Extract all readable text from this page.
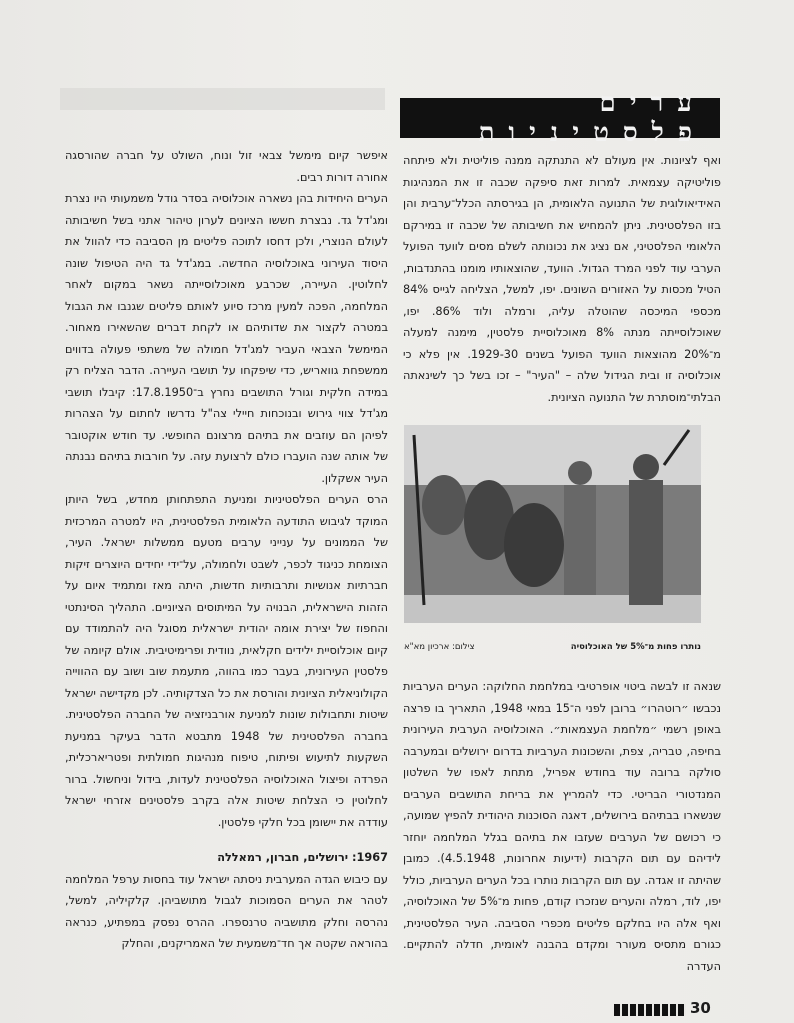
ערים פלסטיניות

ואף לציונות. אין מעולם לא התנתקה ממנה פוליטית ולא פיתחה פוליטיקה עצמאית. למרות זאת סיפקה שכבה זו את המנהיגות האידיאולוגית של התנועה הלאומית, הן בגירסתה הכלל־ערבית והן בזו הפלסטינית. ניתן להמחיש את חשיבותה של שכבה זו במירקם הלאומי הפלסטיני, אם נציג את נכונותה לשלם מסים לוועד הפועל הערבי עוד לפני המרד הגדול. הוועד, שהוצאותיו מומנו בהתנדבות, הטיל מכסות על האזורים השונים. יפו, למשל, הצליחה לגייס 84% מכספי המיכסה שהוטלה עליה, ורמלה ולוד 86%. יפו, שאוכלוסייתה מנתה 8% מאוכלוסיית פלסטין, מימנה למעלה מ־20% מהוצאות הוועד הפועל בשנים 1929-30. אין פלא כי אוכלוסיה זו ובית הגידול שלה – "העיר" – זכו בשל כך לשינאתה הבלתי־מוסתרת של התנועה הציונית.

נותרו פחות מ־5% של האוכלוסיה
צילום: ארכיון מא"א

שנאה זו לבשה ביטוי אופרטיבי במלחמת החלוקה: הערים הערביות נכבשו ״רוטהרו״ ברובן לפני ה־15 במאי 1948, התאריך בו פרצה באופן רשמי ״מלחמת העצמאות״. האוכלוסיה הערבית העירונית בחיפה, טבריה, צפת, והשכונות הערביות בדרום ירושלים ובמערבה סולקה ברובה עוד בחודש אפריל, מתחת לאפו של השלטון המנדטורי הבריטי. כדי להמריץ את בריחת התושבים הערבים שנשארו בבתיהם בירושלים, דאגה הסוכנות היהודית להפיץ שמועה, כי רכושם של הערבים שעזבו את בתיהם בגלל המלחמה יוחזר לידיהם עם תום הקרבות (ידיעות אחרונות, 4.5.1948). כמובן שהיתה זו אגדה. עם תום הקרבות נותרו בכל הערים הערביות, כולל יפו, לוד, רמלה והערים שנזכרו קודם, פחות מ־5% של האוכלוסיה, ואף אלה היו בחלקם פליטים מכפרי הסביבה. העיר הפלסטינית, כגורם מתסיס מעורר ומקדם בהבנה לאומית, חדלה להתקיים. העדרה

איפשר קיום מימשל צבאי זול ונוח, השולט על חברה שהורסגה אחורה דורות רבים.

הערים היחידות בהן נשארה אוכלוסיה בסדר גודל משמעותי היו נצרת ומג'דל גד. נבצרת חששו הציונים לערון טיהור אתני בשל חשיבותה לעולם הנוצרי, ולכן דחסו לתוכה פליטים מן הסביבה כדי להוול את היסוד העירוני באוכלוסיה החדשה. במג'דל גד היה הטיפול שונה לחלוטין. העיירה, שכרבע מאוכלוסייתה נשאר במקום לאחר המלחמה, הפכה למעין מרכז סיוע לאותם פליטים שגנבו את הגבול במטרה לקצור את שדותיהם או לקחת דברים שהשאירו מאחור. המימשל הצבאי העביר למג'דל חמולה של משתפי פעולה בדווים ממשפחת גוואריש, כדי שיפקחו על תושבי העיירה. הדבר הצליח רק במידה חלקית וגורל התושבים נחרץ ב־17.8.1950: קיבלו תושבי מג'דל צווי גירוש ובנוכחות חיילי צה"ל נדרשו לחתום על הצהרות לפיהן הם עוזבים את בתיהם מרצונם החופשי. עד חודש אוקטובר של אותה שנה הועברו כולם לרצועת עזה. על חורבות בתיהם נבנתה העיר אשקלון.

הרס הערים הפלסטיניות ומניעת התפתחותן מחדש, בשל היותן המוקד לגיבוש התודעה הלאומית הפלסטינית, היו למטרה המרכזית של הממונים על ענייני ערבים מטעם ממשלות ישראל. העיר, הצומחת כניגוד לכפר, לשבט ולחמולה, על־ידי יחידים היוצרים זיקות חברתיות אנושיות ותרבותיות חדשות, היתה מאז ומתמיד איום על הזהות הישראלית, הבנויה על המיתוסים הציוניים. התהליך הסינתטי והחפוז של יצירת אומה יהודית ישראלית מסוגל היה להתמודד עם קיום אוכלוסיית ילידים חקלאית, נוודית ופרימיטיבית. אולם קיומה של פלסטין העירונית, בעבר כמו בהווה, מתעמת שוב ושוב עם ההווייה הקולוניאלית הציונית והורסת את כל הצדקותיה. לכן מקדישה ישראל שיטות ותחבולות שונות למניעת אורבניזציה של החברה הפלסטינית. בחברה הפלסטינית של 1948 מתבטא הדבר בעיקר במניעת השקעות לתיעוש ופיתוח, טיפוח מנהיגות חמולתית ופטריארכלית, הפרדה ופיצול האוכלוסיה הפלסטינית לעדות, בידול וניחשול. ברור לחלוטין כי הצלחת שיטות אלה בקרב פלסטינים אזרחי ישראל עודדה את יישומן בכל חלקי פלסטין.

1967: ירושלים, חברון, רמאללה

עם כיבוש הגדה המערבית ניסתה ישראל עוד בחסות ערפל המלחמה לטהר את הערים הסמוכות לגבול מתושביהן. קלקיליה, למשל, נהרסה וחלק מתושביה טרנספרו. ההרס נפסק במפתיע, כנראה בהוראה שקטה אך חד־משמעית של האמריקנים, והחלק

30
